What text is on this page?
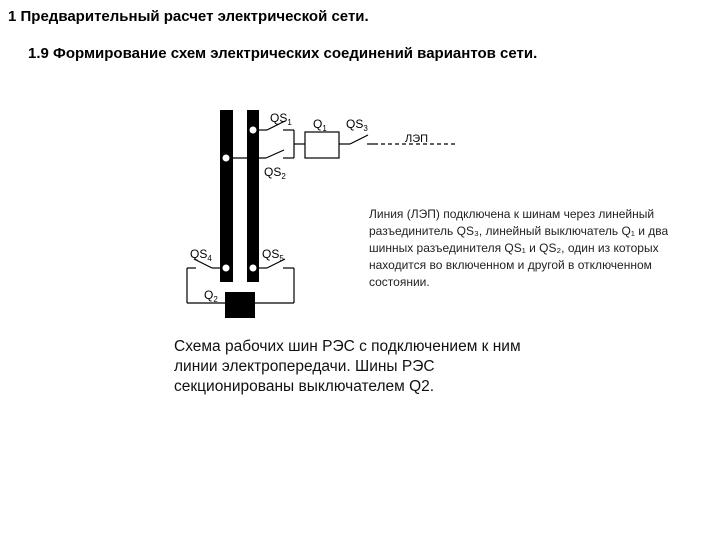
1 Предварительный расчет электрической сети.
1.9 Формирование схем электрических соединений вариантов сети.
$QS_1$ $Q_1$ $QS_3$
ЛЭП
$QS_2$
$QS_4$	$QS_5$
$Q_2$
Линия (ЛЭП) подключена к шинам через линейный разъединитель QS₃, линейный выключатель Q₁ и два шинных разъединителя QS₁ и QS₂, один из которых находится во включенном и другой в отключенном состоянии.
Схема рабочих шин РЭС с подключением к ним линии электропередачи. Шины РЭС секционированы выключателем Q2.
